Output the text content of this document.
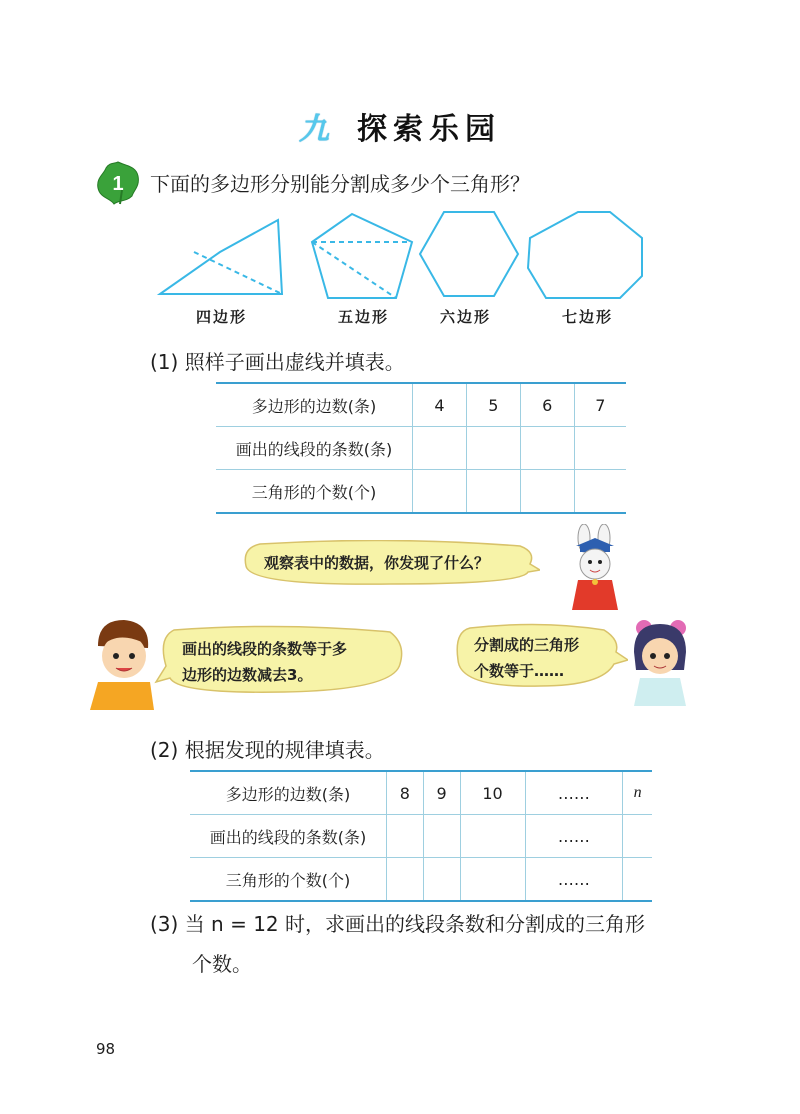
九 探索乐园
1 下面的多边形分别能分割成多少个三角形？
四边形	五边形	六边形	七边形
(1) 照样子画出虚线并填表。
多边形的边数(条)	4	5	6	7
画出的线段的条数(条)				
三角形的个数(个)				
观察表中的数据，你发现了什么？
画出的线段的条数等于多
边形的边数减去3。
分割成的三角形
个数等于……
(2) 根据发现的规律填表。
多边形的边数(条)	8	9	10	……	n
画出的线段的条数(条)				……	
三角形的个数(个)				……	
(3) 当 n = 12 时，求画出的线段条数和分割成的三角形
个数。
98
